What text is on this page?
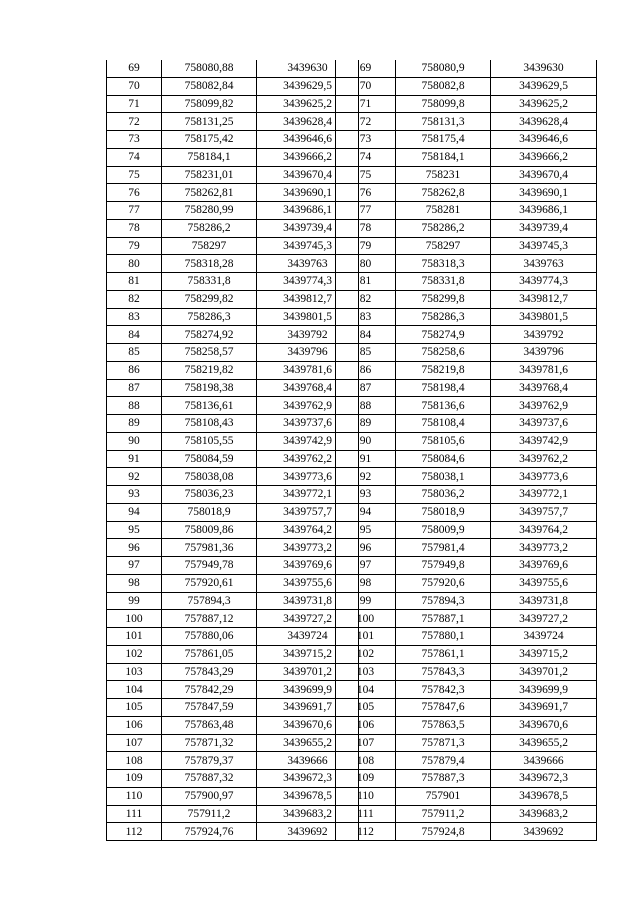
69	758080,88	3439630
70	758082,84	3439629,5
71	758099,82	3439625,2
72	758131,25	3439628,4
73	758175,42	3439646,6
74	758184,1	3439666,2
75	758231,01	3439670,4
76	758262,81	3439690,1
77	758280,99	3439686,1
78	758286,2	3439739,4
79	758297	3439745,3
80	758318,28	3439763
81	758331,8	3439774,3
82	758299,82	3439812,7
83	758286,3	3439801,5
84	758274,92	3439792
85	758258,57	3439796
86	758219,82	3439781,6
87	758198,38	3439768,4
88	758136,61	3439762,9
89	758108,43	3439737,6
90	758105,55	3439742,9
91	758084,59	3439762,2
92	758038,08	3439773,6
93	758036,23	3439772,1
94	758018,9	3439757,7
95	758009,86	3439764,2
96	757981,36	3439773,2
97	757949,78	3439769,6
98	757920,61	3439755,6
99	757894,3	3439731,8
100	757887,12	3439727,2
101	757880,06	3439724
102	757861,05	3439715,2
103	757843,29	3439701,2
104	757842,29	3439699,9
105	757847,59	3439691,7
106	757863,48	3439670,6
107	757871,32	3439655,2
108	757879,37	3439666
109	757887,32	3439672,3
110	757900,97	3439678,5
111	757911,2	3439683,2
112	757924,76	3439692
69	758080,9	3439630
70	758082,8	3439629,5
71	758099,8	3439625,2
72	758131,3	3439628,4
73	758175,4	3439646,6
74	758184,1	3439666,2
75	758231	3439670,4
76	758262,8	3439690,1
77	758281	3439686,1
78	758286,2	3439739,4
79	758297	3439745,3
80	758318,3	3439763
81	758331,8	3439774,3
82	758299,8	3439812,7
83	758286,3	3439801,5
84	758274,9	3439792
85	758258,6	3439796
86	758219,8	3439781,6
87	758198,4	3439768,4
88	758136,6	3439762,9
89	758108,4	3439737,6
90	758105,6	3439742,9
91	758084,6	3439762,2
92	758038,1	3439773,6
93	758036,2	3439772,1
94	758018,9	3439757,7
95	758009,9	3439764,2
96	757981,4	3439773,2
97	757949,8	3439769,6
98	757920,6	3439755,6
99	757894,3	3439731,8
100	757887,1	3439727,2
101	757880,1	3439724
102	757861,1	3439715,2
103	757843,3	3439701,2
104	757842,3	3439699,9
105	757847,6	3439691,7
106	757863,5	3439670,6
107	757871,3	3439655,2
108	757879,4	3439666
109	757887,3	3439672,3
110	757901	3439678,5
111	757911,2	3439683,2
112	757924,8	3439692
